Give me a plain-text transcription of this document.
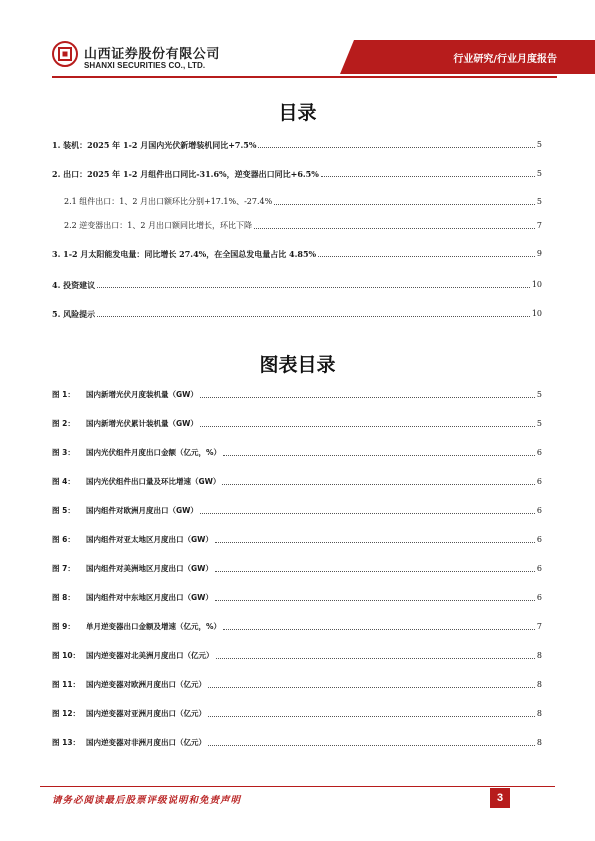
山西证券股份有限公司
SHANXI SECURITIES CO., LTD.
行业研究/行业月度报告
目录
1. 装机：2025 年 1-2 月国内光伏新增装机同比+7.5%	5
2. 出口：2025 年 1-2 月组件出口同比-31.6%，逆变器出口同比+6.5%	5
2.1 组件出口：1、2 月出口额环比分别+17.1%、-27.4%	5
2.2 逆变器出口：1、2 月出口额同比增长，环比下降	7
3. 1-2 月太阳能发电量：同比增长 27.4%，在全国总发电量占比 4.85%	9
4. 投资建议	10
5. 风险提示	10
图表目录
图 1：	国内新增光伏月度装机量（GW）	5
图 2：	国内新增光伏累计装机量（GW）	5
图 3：	国内光伏组件月度出口金额（亿元，%）	6
图 4：	国内光伏组件出口量及环比增速（GW）	6
图 5：	国内组件对欧洲月度出口（GW）	6
图 6：	国内组件对亚太地区月度出口（GW）	6
图 7：	国内组件对美洲地区月度出口（GW）	6
图 8：	国内组件对中东地区月度出口（GW）	6
图 9：	单月逆变器出口金额及增速（亿元，%）	7
图 10： 国内逆变器对北美洲月度出口（亿元）	8
图 11： 国内逆变器对欧洲月度出口（亿元）	8
图 12： 国内逆变器对亚洲月度出口（亿元）	8
图 13： 国内逆变器对非洲月度出口（亿元）	8
请务必阅读最后股票评级说明和免责声明	3
